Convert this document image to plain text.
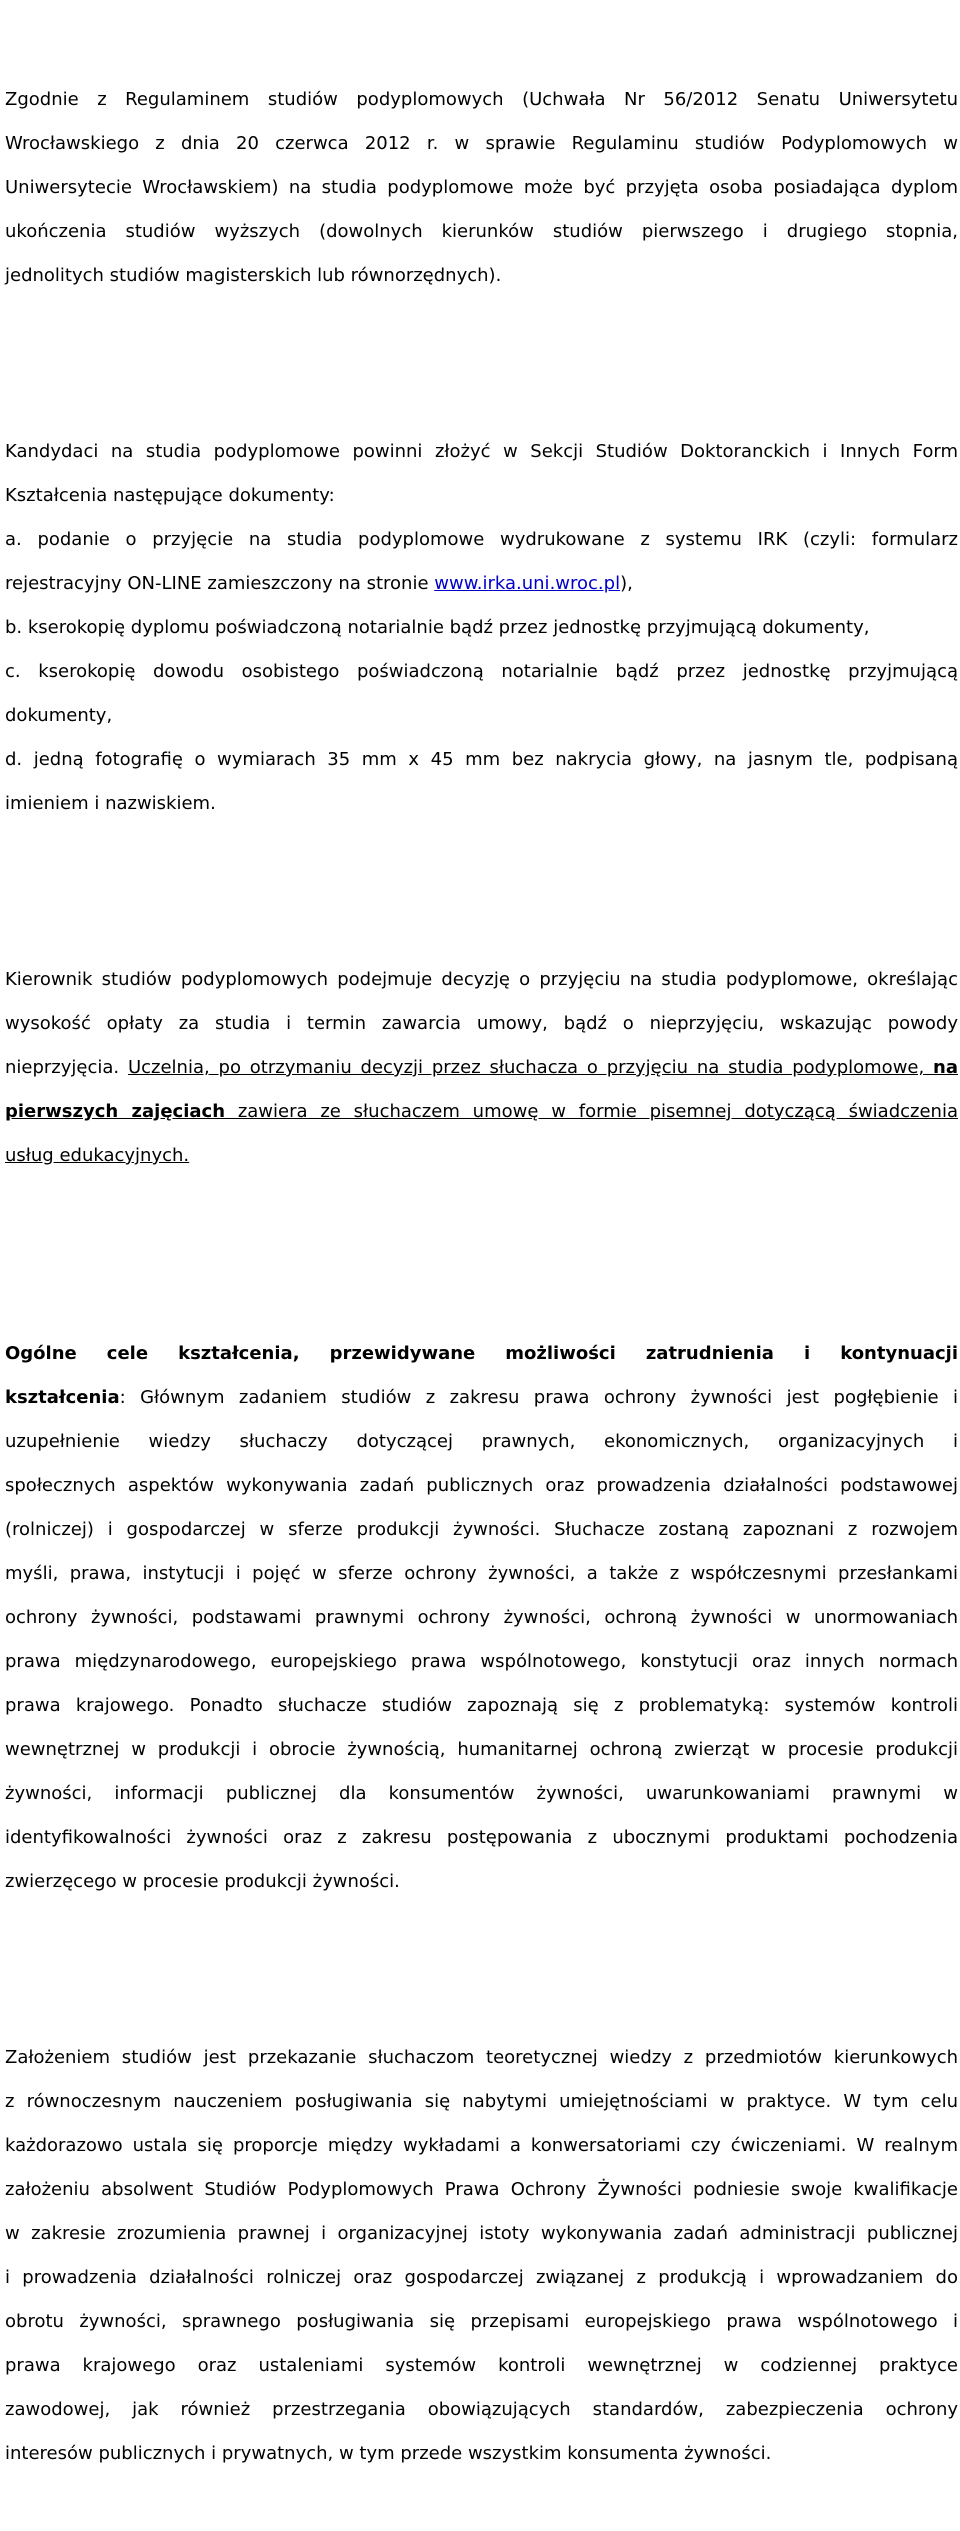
Zgodnie z Regulaminem studiów podyplomowych (Uchwała Nr 56/2012 Senatu Uniwersytetu

Wrocławskiego z dnia 20 czerwca 2012 r. w sprawie Regulaminu studiów Podyplomowych w

Uniwersytecie Wrocławskiem) na studia podyplomowe może być przyjęta osoba posiadająca dyplom

ukończenia studiów wyższych (dowolnych kierunków studiów pierwszego i drugiego stopnia,

jednolitych studiów magisterskich lub równorzędnych).

Kandydaci na studia podyplomowe powinni złożyć w Sekcji Studiów Doktoranckich i Innych Form

Kształcenia następujące dokumenty:

a. podanie o przyjęcie na studia podyplomowe wydrukowane z systemu IRK (czyli: formularz

rejestracyjny ON-LINE zamieszczony na stronie www.irka.uni.wroc.pl),

b. kserokopię dyplomu poświadczoną notarialnie bądź przez jednostkę przyjmującą dokumenty,

c. kserokopię dowodu osobistego poświadczoną notarialnie bądź przez jednostkę przyjmującą

dokumenty,

d. jedną fotografię o wymiarach 35 mm x 45 mm bez nakrycia głowy, na jasnym tle, podpisaną

imieniem i nazwiskiem.

Kierownik studiów podyplomowych podejmuje decyzję o przyjęciu na studia podyplomowe, określając

wysokość opłaty za studia i termin zawarcia umowy, bądź o nieprzyjęciu, wskazując powody

nieprzyjęcia. Uczelnia, po otrzymaniu decyzji przez słuchacza o przyjęciu na studia podyplomowe, na

pierwszych zajęciach zawiera ze słuchaczem umowę w formie pisemnej dotyczącą świadczenia

usług edukacyjnych.

Ogólne cele kształcenia, przewidywane możliwości zatrudnienia i kontynuacji

kształcenia: Głównym zadaniem studiów z zakresu prawa ochrony żywności jest pogłębienie i

uzupełnienie wiedzy słuchaczy dotyczącej prawnych, ekonomicznych, organizacyjnych i

społecznych aspektów wykonywania zadań publicznych oraz prowadzenia działalności podstawowej

(rolniczej) i gospodarczej w sferze produkcji żywności. Słuchacze zostaną zapoznani z rozwojem

myśli, prawa, instytucji i pojęć w sferze ochrony żywności, a także z współczesnymi przesłankami

ochrony żywności, podstawami prawnymi ochrony żywności, ochroną żywności w unormowaniach

prawa międzynarodowego, europejskiego prawa wspólnotowego, konstytucji oraz innych normach

prawa krajowego. Ponadto słuchacze studiów zapoznają się z problematyką: systemów kontroli

wewnętrznej w produkcji i obrocie żywnością, humanitarnej ochroną zwierząt w procesie produkcji

żywności, informacji publicznej dla konsumentów żywności, uwarunkowaniami prawnymi w

identyfikowalności żywności oraz z zakresu postępowania z ubocznymi produktami pochodzenia

zwierzęcego w procesie produkcji żywności.

Założeniem studiów jest przekazanie słuchaczom teoretycznej wiedzy z przedmiotów kierunkowych

z równoczesnym nauczeniem posługiwania się nabytymi umiejętnościami w praktyce. W tym celu

każdorazowo ustala się proporcje między wykładami a konwersatoriami czy ćwiczeniami. W realnym

założeniu absolwent Studiów Podyplomowych Prawa Ochrony Żywności podniesie swoje kwalifikacje

w zakresie zrozumienia prawnej i organizacyjnej istoty wykonywania zadań administracji publicznej

i prowadzenia działalności rolniczej oraz gospodarczej związanej z produkcją i wprowadzaniem do

obrotu żywności, sprawnego posługiwania się przepisami europejskiego prawa wspólnotowego i

prawa krajowego oraz ustaleniami systemów kontroli wewnętrznej w codziennej praktyce

zawodowej, jak również przestrzegania obowiązujących standardów, zabezpieczenia ochrony

interesów publicznych i prywatnych, w tym przede wszystkim konsumenta żywności.
